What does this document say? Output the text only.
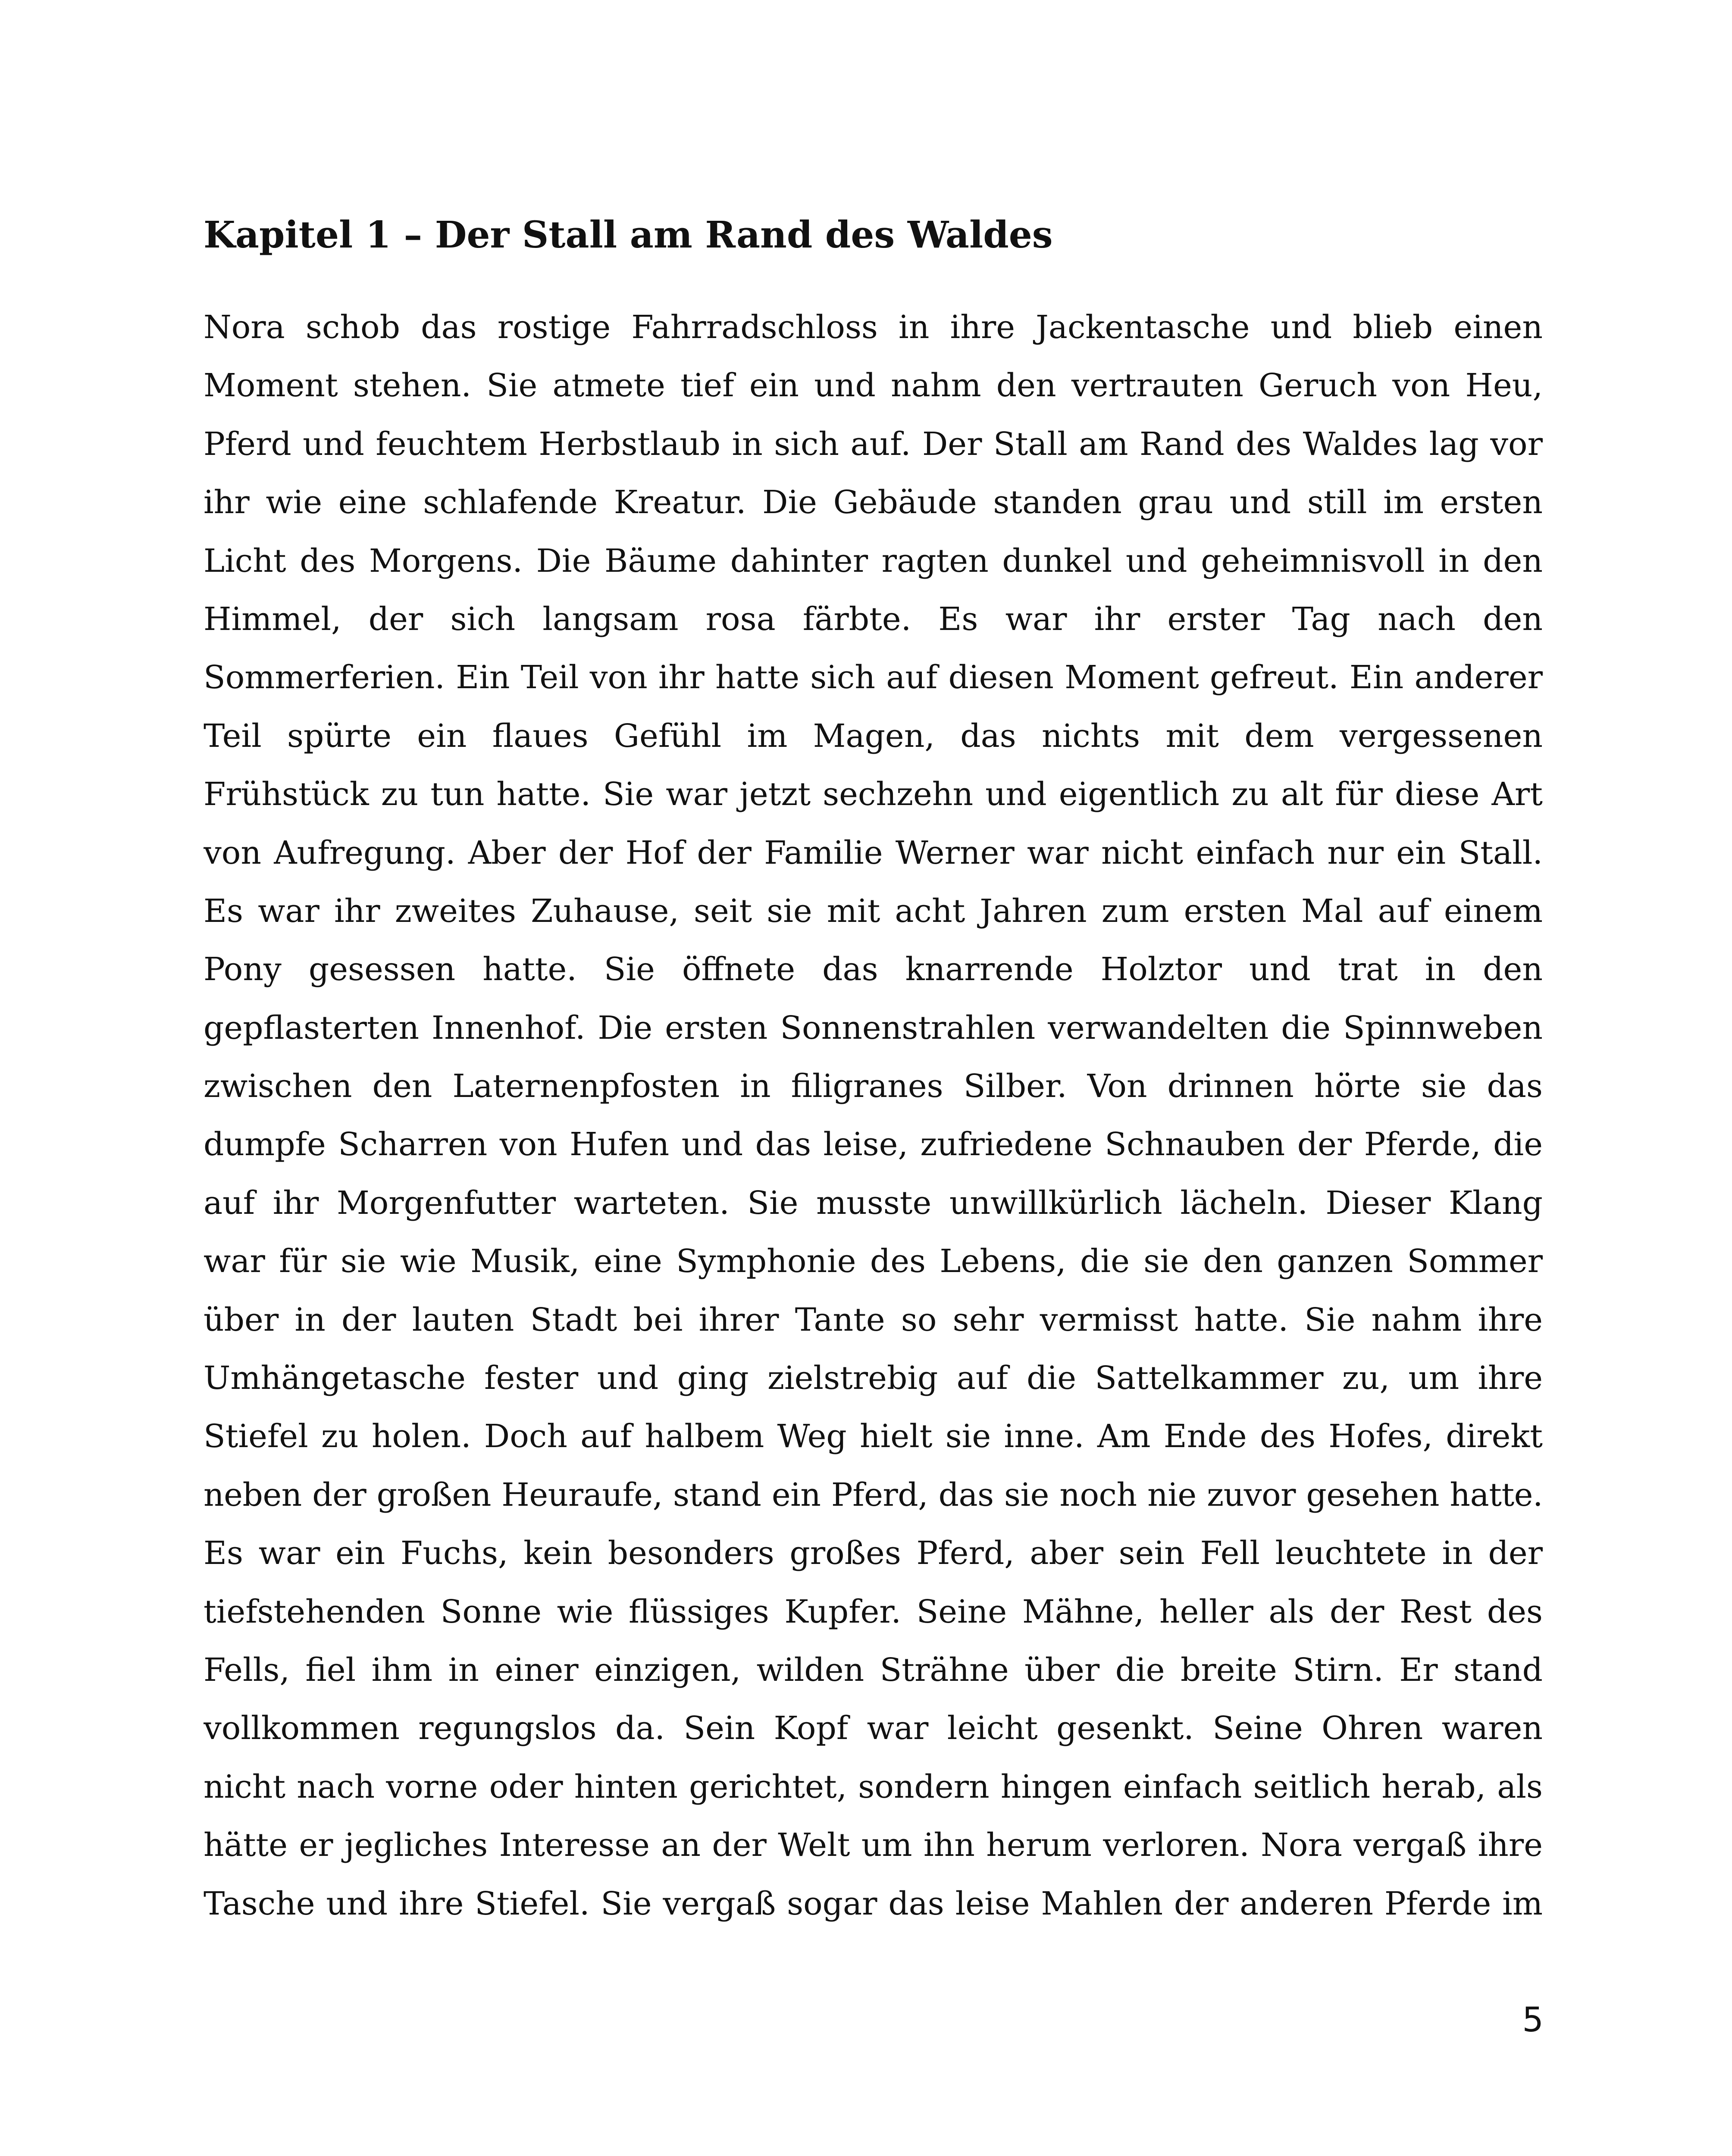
Kapitel 1 – Der Stall am Rand des Waldes
Nora schob das rostige Fahrradschloss in ihre Jackentasche und blieb einen
Moment stehen. Sie atmete tief ein und nahm den vertrauten Geruch von Heu,
Pferd und feuchtem Herbstlaub in sich auf. Der Stall am Rand des Waldes lag vor
ihr wie eine schlafende Kreatur. Die Gebäude standen grau und still im ersten
Licht des Morgens. Die Bäume dahinter ragten dunkel und geheimnisvoll in den
Himmel, der sich langsam rosa färbte. Es war ihr erster Tag nach den
Sommerferien. Ein Teil von ihr hatte sich auf diesen Moment gefreut. Ein anderer
Teil spürte ein flaues Gefühl im Magen, das nichts mit dem vergessenen
Frühstück zu tun hatte. Sie war jetzt sechzehn und eigentlich zu alt für diese Art
von Aufregung. Aber der Hof der Familie Werner war nicht einfach nur ein Stall.
Es war ihr zweites Zuhause, seit sie mit acht Jahren zum ersten Mal auf einem
Pony gesessen hatte. Sie öffnete das knarrende Holztor und trat in den
gepflasterten Innenhof. Die ersten Sonnenstrahlen verwandelten die Spinnweben
zwischen den Laternenpfosten in filigranes Silber. Von drinnen hörte sie das
dumpfe Scharren von Hufen und das leise, zufriedene Schnauben der Pferde, die
auf ihr Morgenfutter warteten. Sie musste unwillkürlich lächeln. Dieser Klang
war für sie wie Musik, eine Symphonie des Lebens, die sie den ganzen Sommer
über in der lauten Stadt bei ihrer Tante so sehr vermisst hatte. Sie nahm ihre
Umhängetasche fester und ging zielstrebig auf die Sattelkammer zu, um ihre
Stiefel zu holen. Doch auf halbem Weg hielt sie inne. Am Ende des Hofes, direkt
neben der großen Heuraufe, stand ein Pferd, das sie noch nie zuvor gesehen hatte.
Es war ein Fuchs, kein besonders großes Pferd, aber sein Fell leuchtete in der
tiefstehenden Sonne wie flüssiges Kupfer. Seine Mähne, heller als der Rest des
Fells, fiel ihm in einer einzigen, wilden Strähne über die breite Stirn. Er stand
vollkommen regungslos da. Sein Kopf war leicht gesenkt. Seine Ohren waren
nicht nach vorne oder hinten gerichtet, sondern hingen einfach seitlich herab, als
hätte er jegliches Interesse an der Welt um ihn herum verloren. Nora vergaß ihre
Tasche und ihre Stiefel. Sie vergaß sogar das leise Mahlen der anderen Pferde im
5
